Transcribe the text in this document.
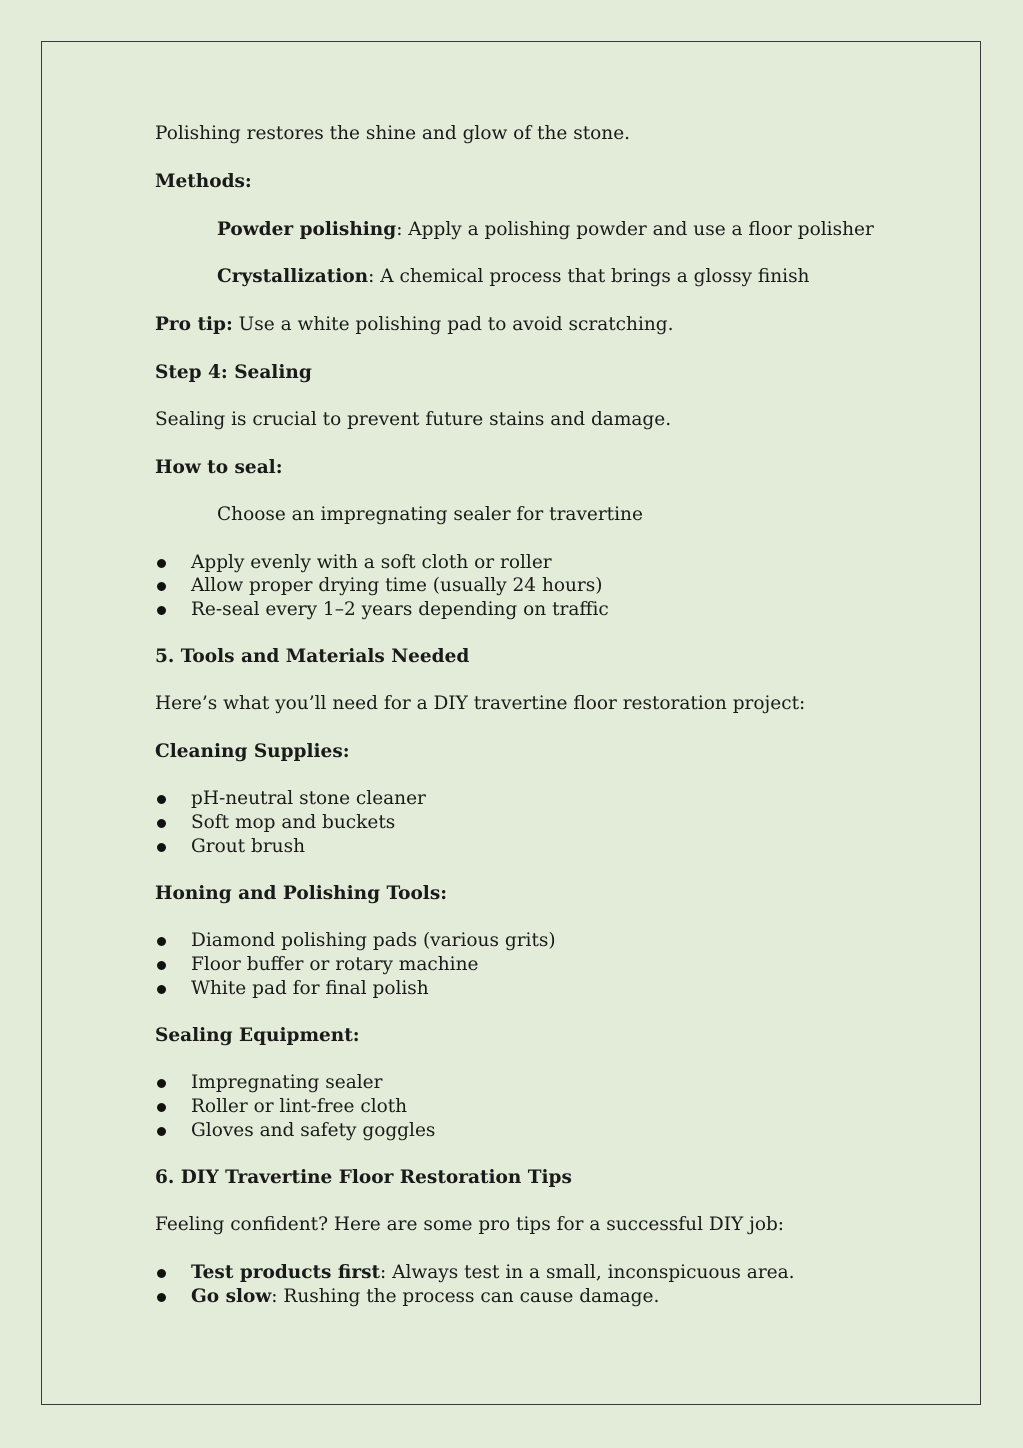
Polishing restores the shine and glow of the stone.
Methods:
Powder polishing: Apply a polishing powder and use a floor polisher
Crystallization: A chemical process that brings a glossy finish
Pro tip: Use a white polishing pad to avoid scratching.
Step 4: Sealing
Sealing is crucial to prevent future stains and damage.
How to seal:
Choose an impregnating sealer for travertine
Apply evenly with a soft cloth or roller
Allow proper drying time (usually 24 hours)
Re-seal every 1–2 years depending on traffic
5. Tools and Materials Needed
Here’s what you’ll need for a DIY travertine floor restoration project:
Cleaning Supplies:
pH-neutral stone cleaner
Soft mop and buckets
Grout brush
Honing and Polishing Tools:
Diamond polishing pads (various grits)
Floor buffer or rotary machine
White pad for final polish
Sealing Equipment:
Impregnating sealer
Roller or lint-free cloth
Gloves and safety goggles
6. DIY Travertine Floor Restoration Tips
Feeling confident? Here are some pro tips for a successful DIY job:
Test products first: Always test in a small, inconspicuous area.
Go slow: Rushing the process can cause damage.
